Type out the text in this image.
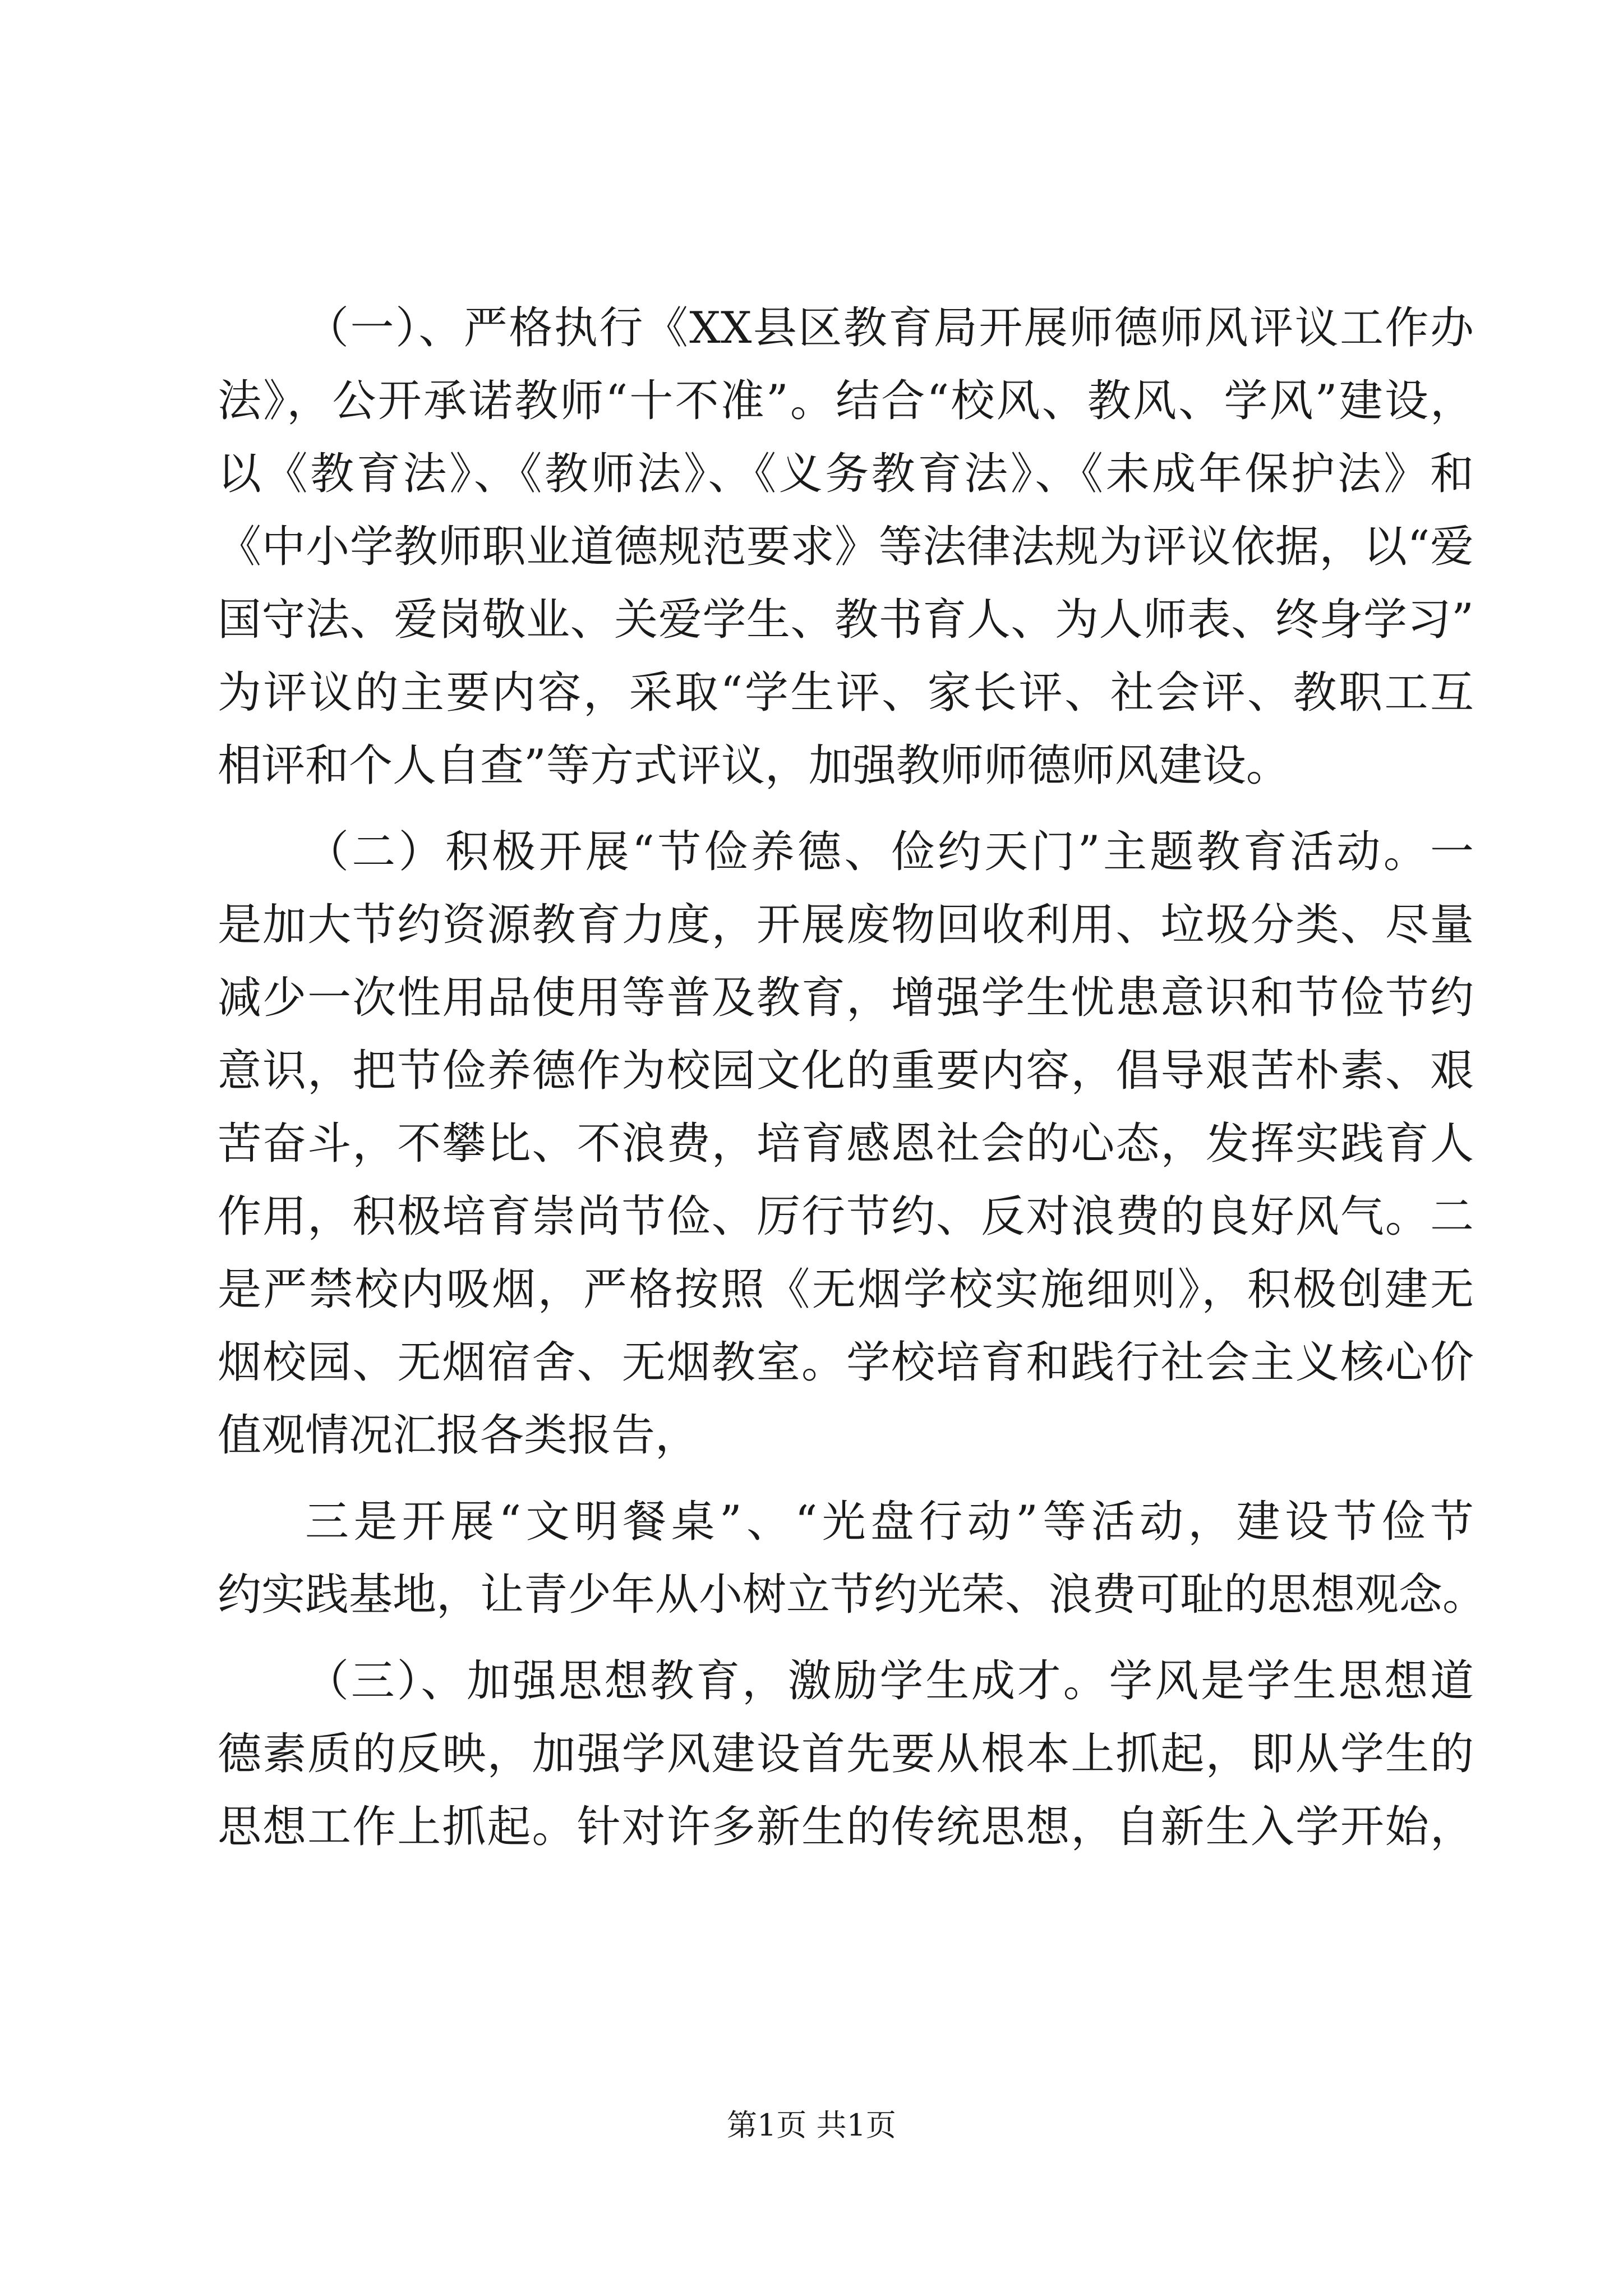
（一）、严格执行《XX县区教育局开展师德师风评议工作办
法》，公开承诺教师“十不准”。结合“校风、教风、学风”建设，
以《教育法》、《教师法》、《义务教育法》、《未成年保护法》和
《中小学教师职业道德规范要求》等法律法规为评议依据，以“爱
国守法、爱岗敬业、关爱学生、教书育人、为人师表、终身学习”
为评议的主要内容，采取“学生评、家长评、社会评、教职工互
相评和个人自查”等方式评议，加强教师师德师风建设。
（二）积极开展“节俭养德、俭约天门”主题教育活动。一
是加大节约资源教育力度，开展废物回收利用、垃圾分类、尽量
减少一次性用品使用等普及教育，增强学生忧患意识和节俭节约
意识，把节俭养德作为校园文化的重要内容，倡导艰苦朴素、艰
苦奋斗，不攀比、不浪费，培育感恩社会的心态，发挥实践育人
作用，积极培育崇尚节俭、厉行节约、反对浪费的良好风气。二
是严禁校内吸烟，严格按照《无烟学校实施细则》，积极创建无
烟校园、无烟宿舍、无烟教室。学校培育和践行社会主义核心价
值观情况汇报各类报告，
三是开展“文明餐桌”、“光盘行动”等活动，建设节俭节
约实践基地，让青少年从小树立节约光荣、浪费可耻的思想观念。
（三）、加强思想教育，激励学生成才。学风是学生思想道
德素质的反映，加强学风建设首先要从根本上抓起，即从学生的
思想工作上抓起。针对许多新生的传统思想，自新生入学开始，
第1页 共1页
